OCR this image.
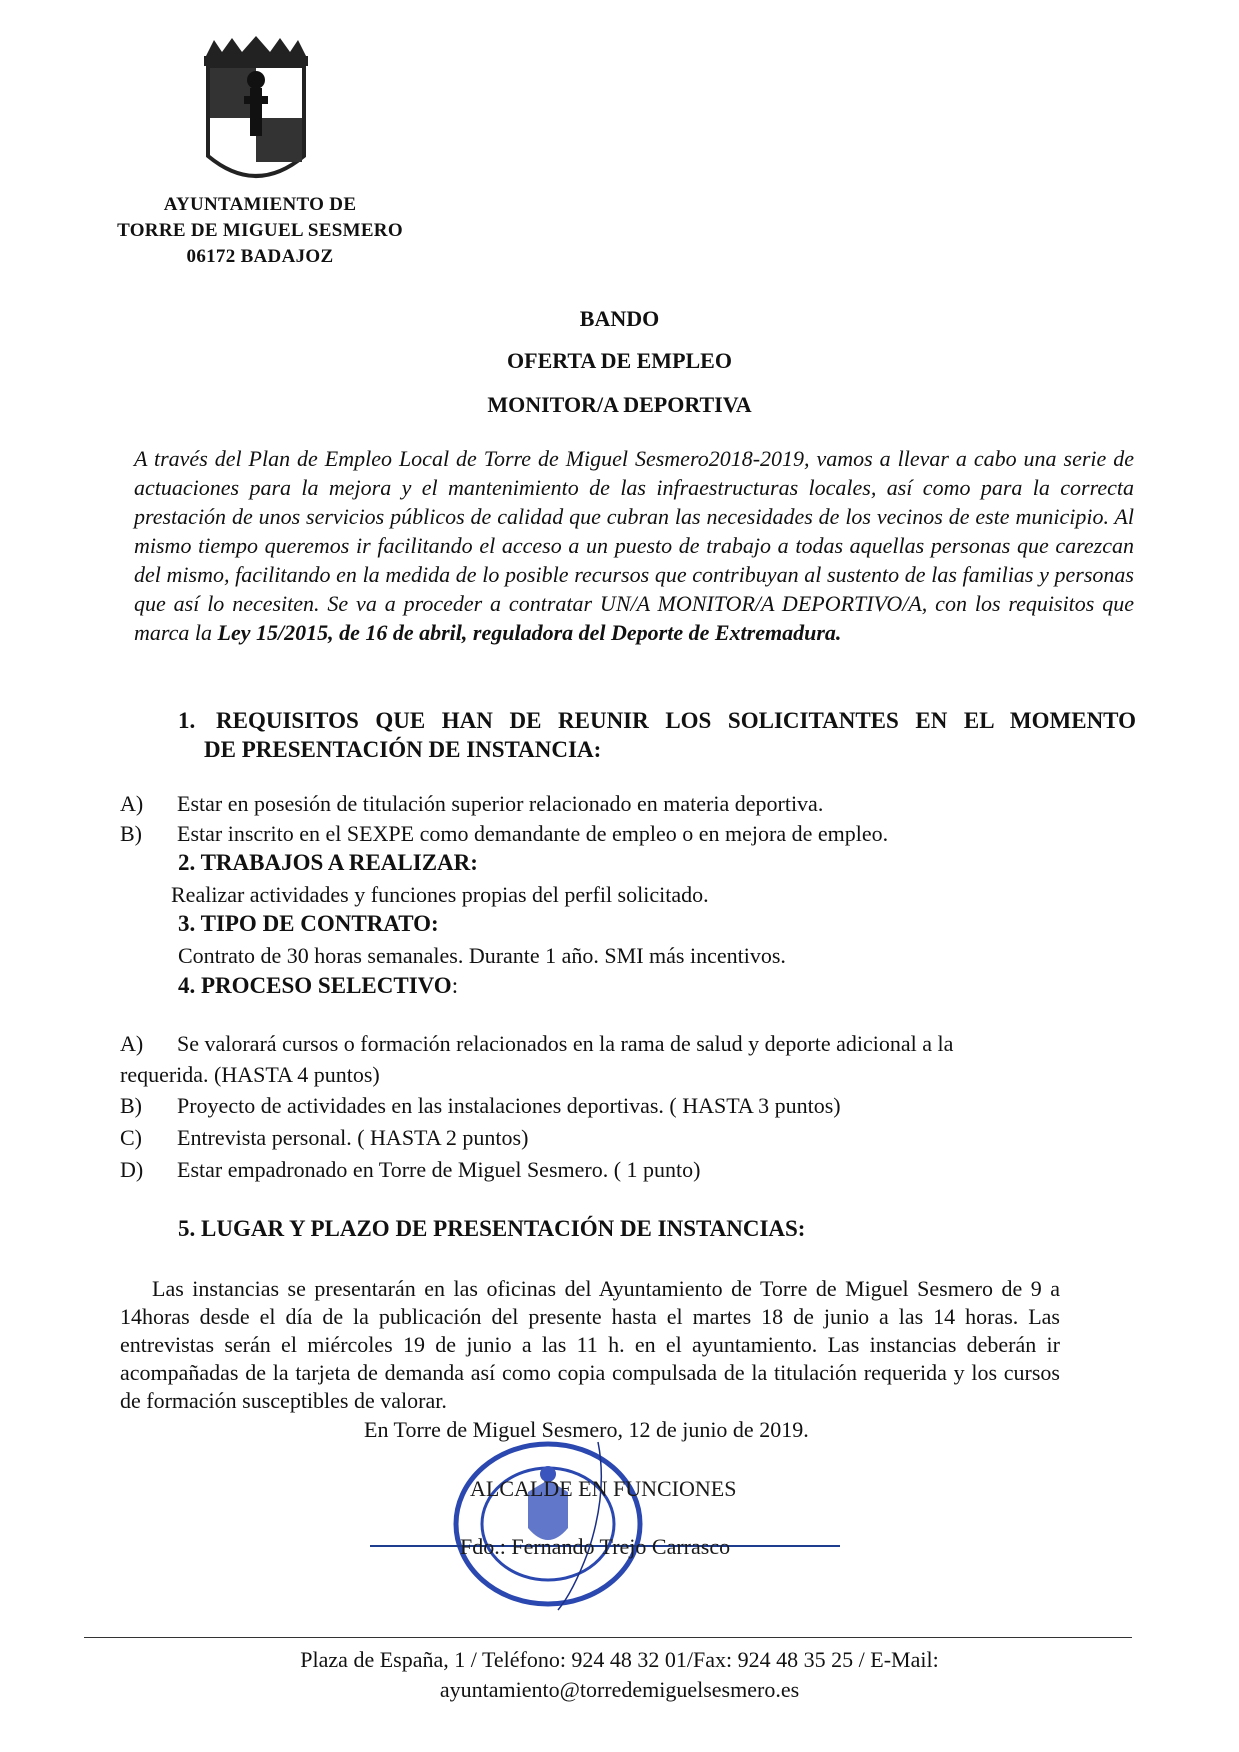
AYUNTAMIENTO DE
TORRE DE MIGUEL SESMERO
06172 BADAJOZ
BANDO
OFERTA DE EMPLEO
MONITOR/A DEPORTIVA
A través del Plan de Empleo Local de Torre de Miguel Sesmero2018-2019, vamos a llevar a cabo una serie de actuaciones para la mejora y el mantenimiento de las infraestructuras locales, así como para la correcta prestación de unos servicios públicos de calidad que cubran las necesidades de los vecinos de este municipio. Al mismo tiempo queremos ir facilitando el acceso a un puesto de trabajo a todas aquellas personas que carezcan del mismo, facilitando en la medida de lo posible recursos que contribuyan al sustento de las familias y personas que así lo necesiten. Se va a proceder a contratar UN/A MONITOR/A DEPORTIVO/A, con los requisitos que marca la Ley 15/2015, de 16 de abril, reguladora del Deporte de Extremadura.
1. REQUISITOS QUE HAN DE REUNIR LOS SOLICITANTES EN EL MOMENTO
DE PRESENTACIÓN DE INSTANCIA:
A) Estar en posesión de titulación superior relacionado en materia deportiva.
B) Estar inscrito en el SEXPE como demandante de empleo o en mejora de empleo.
2. TRABAJOS A REALIZAR:
Realizar actividades y funciones propias del perfil solicitado.
3. TIPO DE CONTRATO:
Contrato de 30 horas semanales. Durante 1 año. SMI más incentivos.
4. PROCESO SELECTIVO:
A) Se valorará cursos o formación relacionados en la rama de salud y deporte adicional a la
requerida. (HASTA 4 puntos)
B) Proyecto de actividades en las instalaciones deportivas. ( HASTA 3 puntos)
C) Entrevista personal. ( HASTA 2 puntos)
D) Estar empadronado en Torre de Miguel Sesmero. ( 1 punto)
5. LUGAR Y PLAZO DE PRESENTACIÓN DE INSTANCIAS:
Las instancias se presentarán en las oficinas del Ayuntamiento de Torre de Miguel Sesmero de 9 a 14horas desde el día de la publicación del presente hasta el martes 18 de junio a las 14 horas. Las entrevistas serán el miércoles 19 de junio a las 11 h. en el ayuntamiento. Las instancias deberán ir acompañadas de la tarjeta de demanda así como copia compulsada de la titulación requerida y los cursos de formación susceptibles de valorar.
En Torre de Miguel Sesmero, 12 de junio de 2019.
ALCALDE EN FUNCIONES
Fdo.: Fernando Trejo Carrasco
Plaza de España, 1 / Teléfono: 924 48 32 01/Fax: 924 48 35 25 / E-Mail:
ayuntamiento@torredemiguelsesmero.es
